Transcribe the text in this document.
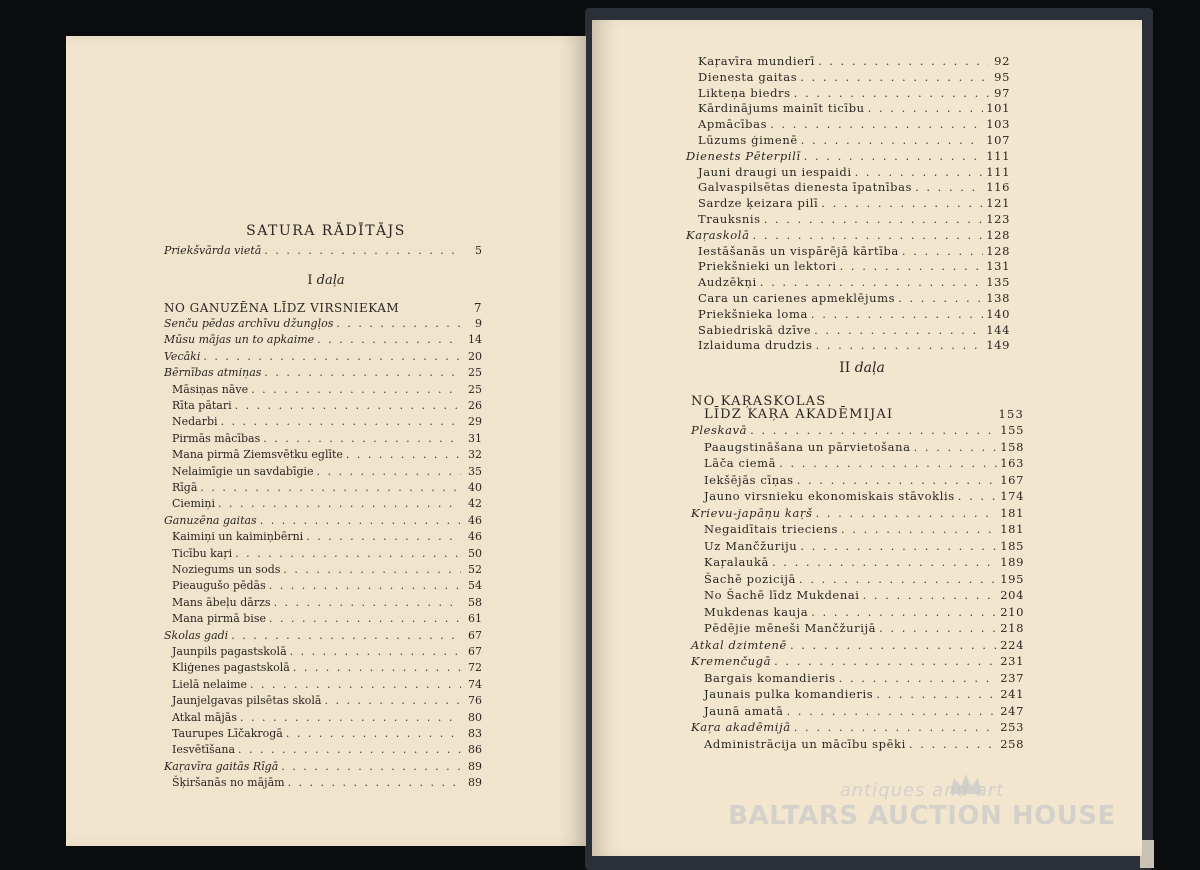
SATURA RĀDĪTĀJS
Priekšvārda vietā . . .	5
I daļa
NO GANUZĒNA LĪDZ VIRSNIEKAM	7
Senču pēdas archīvu džungļos . . .	9
Mūsu mājas un to apkaime . . .	14
Vecāki . . .	20
Bērnības atmiņas . . .	25
Māsiņas nāve . . .	25
Rīta pātari . . .	26
Nedarbi . . .	29
Pirmās mācības . . .	31
Mana pirmā Ziemsvētku eglīte . . .	32
Nelaimīgie un savdabīgie . . .	35
Rīgā . . .	40
Ciemiņi . . .	42
Ganuzēna gaitas . . .	46
Kaimiņi un kaimiņbērni . . .	46
Ticību kaŗi . . .	50
Noziegums un sods . . .	52
Pieaugušo pēdās . . .	54
Mans ābeļu dārzs . . .	58
Mana pirmā bise . . .	61
Skolas gadi . . .	67
Jaunpils pagastskolā . . .	67
Kliģenes pagastskolā . . .	72
Lielā nelaime . . .	74
Jaunjelgavas pilsētas skolā . . .	76
Atkal mājās . . .	80
Taurupes Līčakrogā . . .	83
Iesvētīšana . . .	86
Kaŗavīra gaitās Rīgā . . .	89
Šķiršanās no mājām . . .	89
Kaŗavīra mundierī . . .	92
Dienesta gaitas . . .	95
Likteņa biedrs . . .	97
Kārdinājums mainīt ticību . . .	101
Apmācības . . .	103
Lūzums ģimenē . . .	107
Dienests Pēterpilī . . .	111
Jauni draugi un iespaidi . . .	111
Galvaspilsētas dienesta īpatnības . . .	116
Sardze ķeizara pilī . . .	121
Trauksnis . . .	123
Kaŗaskolā . . .	128
Iestāšanās un vispārējā kārtība . . .	128
Priekšnieki un lektori . . .	131
Audzēkņi . . .	135
Cara un carienes apmeklējums . . .	138
Priekšnieka loma . . .	140
Sabiedriskā dzīve . . .	144
Izlaiduma drudzis . . .	149
II daļa
NO KAŖASKOLAS
LĪDZ KAŖA AKADĒMIJAI	153
Pleskavā . . .	155
Paaugstināšana un pārvietošana . . .	158
Lāča ciemā . . .	163
Iekšējās cīņas . . .	167
Jauno virsnieku ekonomiskais stāvoklis . . .	174
Krievu-japāņu kaŗš . . .	181
Negaidītais trieciens . . .	181
Uz Mančžuriju . . .	185
Kaŗalaukā . . .	189
Šachē pozicijā . . .	195
No Šachē līdz Mukdenai . . .	204
Mukdenas kauja . . .	210
Pēdējie mēneši Mančžurijā . . .	218
Atkal dzimtenē . . .	224
Kremenčugā . . .	231
Bargais komandieris . . .	237
Jaunais pulka komandieris . . .	241
Jaunā amatā . . .	247
Kaŗa akadēmijā . . .	253
Administrācija un mācību spēki . . .	258
antiques and art
BALTARS AUCTION HOUSE
